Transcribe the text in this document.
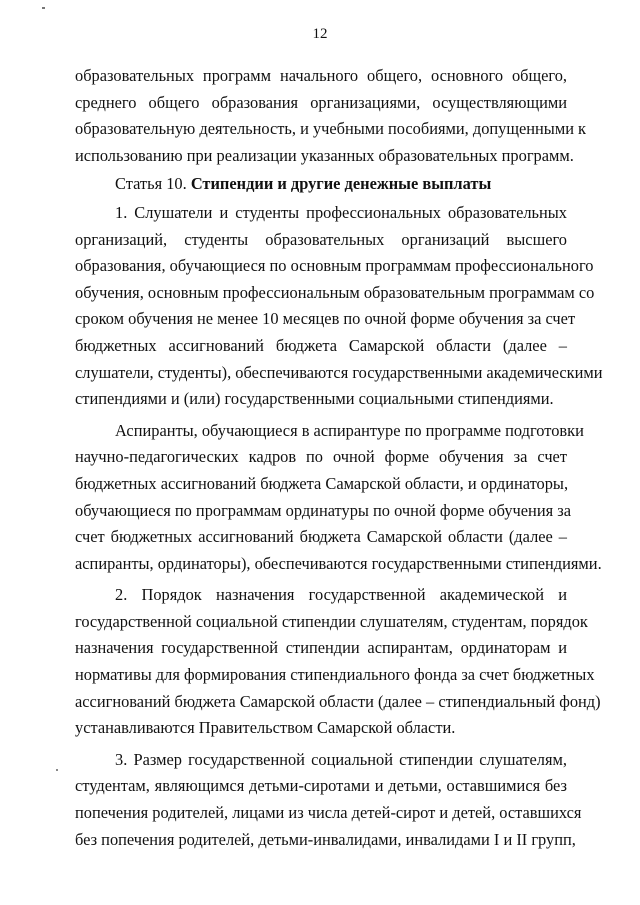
12
образовательных программ начального общего, основного общего,
среднего общего образования организациями, осуществляющими
образовательную деятельность, и учебными пособиями, допущенными к
использованию при реализации указанных образовательных программ.
Статья 10. Стипендии и другие денежные выплаты
1. Слушатели и студенты профессиональных образовательных
организаций, студенты образовательных организаций высшего
образования, обучающиеся по основным программам профессионального
обучения, основным профессиональным образовательным программам со
сроком обучения не менее 10 месяцев по очной форме обучения за счет
бюджетных ассигнований бюджета Самарской области (далее –
слушатели, студенты), обеспечиваются государственными академическими
стипендиями и (или) государственными социальными стипендиями.
Аспиранты, обучающиеся в аспирантуре по программе подготовки
научно-педагогических кадров по очной форме обучения за счет
бюджетных ассигнований бюджета Самарской области, и ординаторы,
обучающиеся по программам ординатуры по очной форме обучения за
счет бюджетных ассигнований бюджета Самарской области (далее –
аспиранты, ординаторы), обеспечиваются государственными стипендиями.
2. Порядок назначения государственной академической и
государственной социальной стипендии слушателям, студентам, порядок
назначения государственной стипендии аспирантам, ординаторам и
нормативы для формирования стипендиального фонда за счет бюджетных
ассигнований бюджета Самарской области (далее – стипендиальный фонд)
устанавливаются Правительством Самарской области.
3. Размер государственной социальной стипендии слушателям,
студентам, являющимся детьми-сиротами и детьми, оставшимися без
попечения родителей, лицами из числа детей-сирот и детей, оставшихся
без попечения родителей, детьми-инвалидами, инвалидами I и II групп,
